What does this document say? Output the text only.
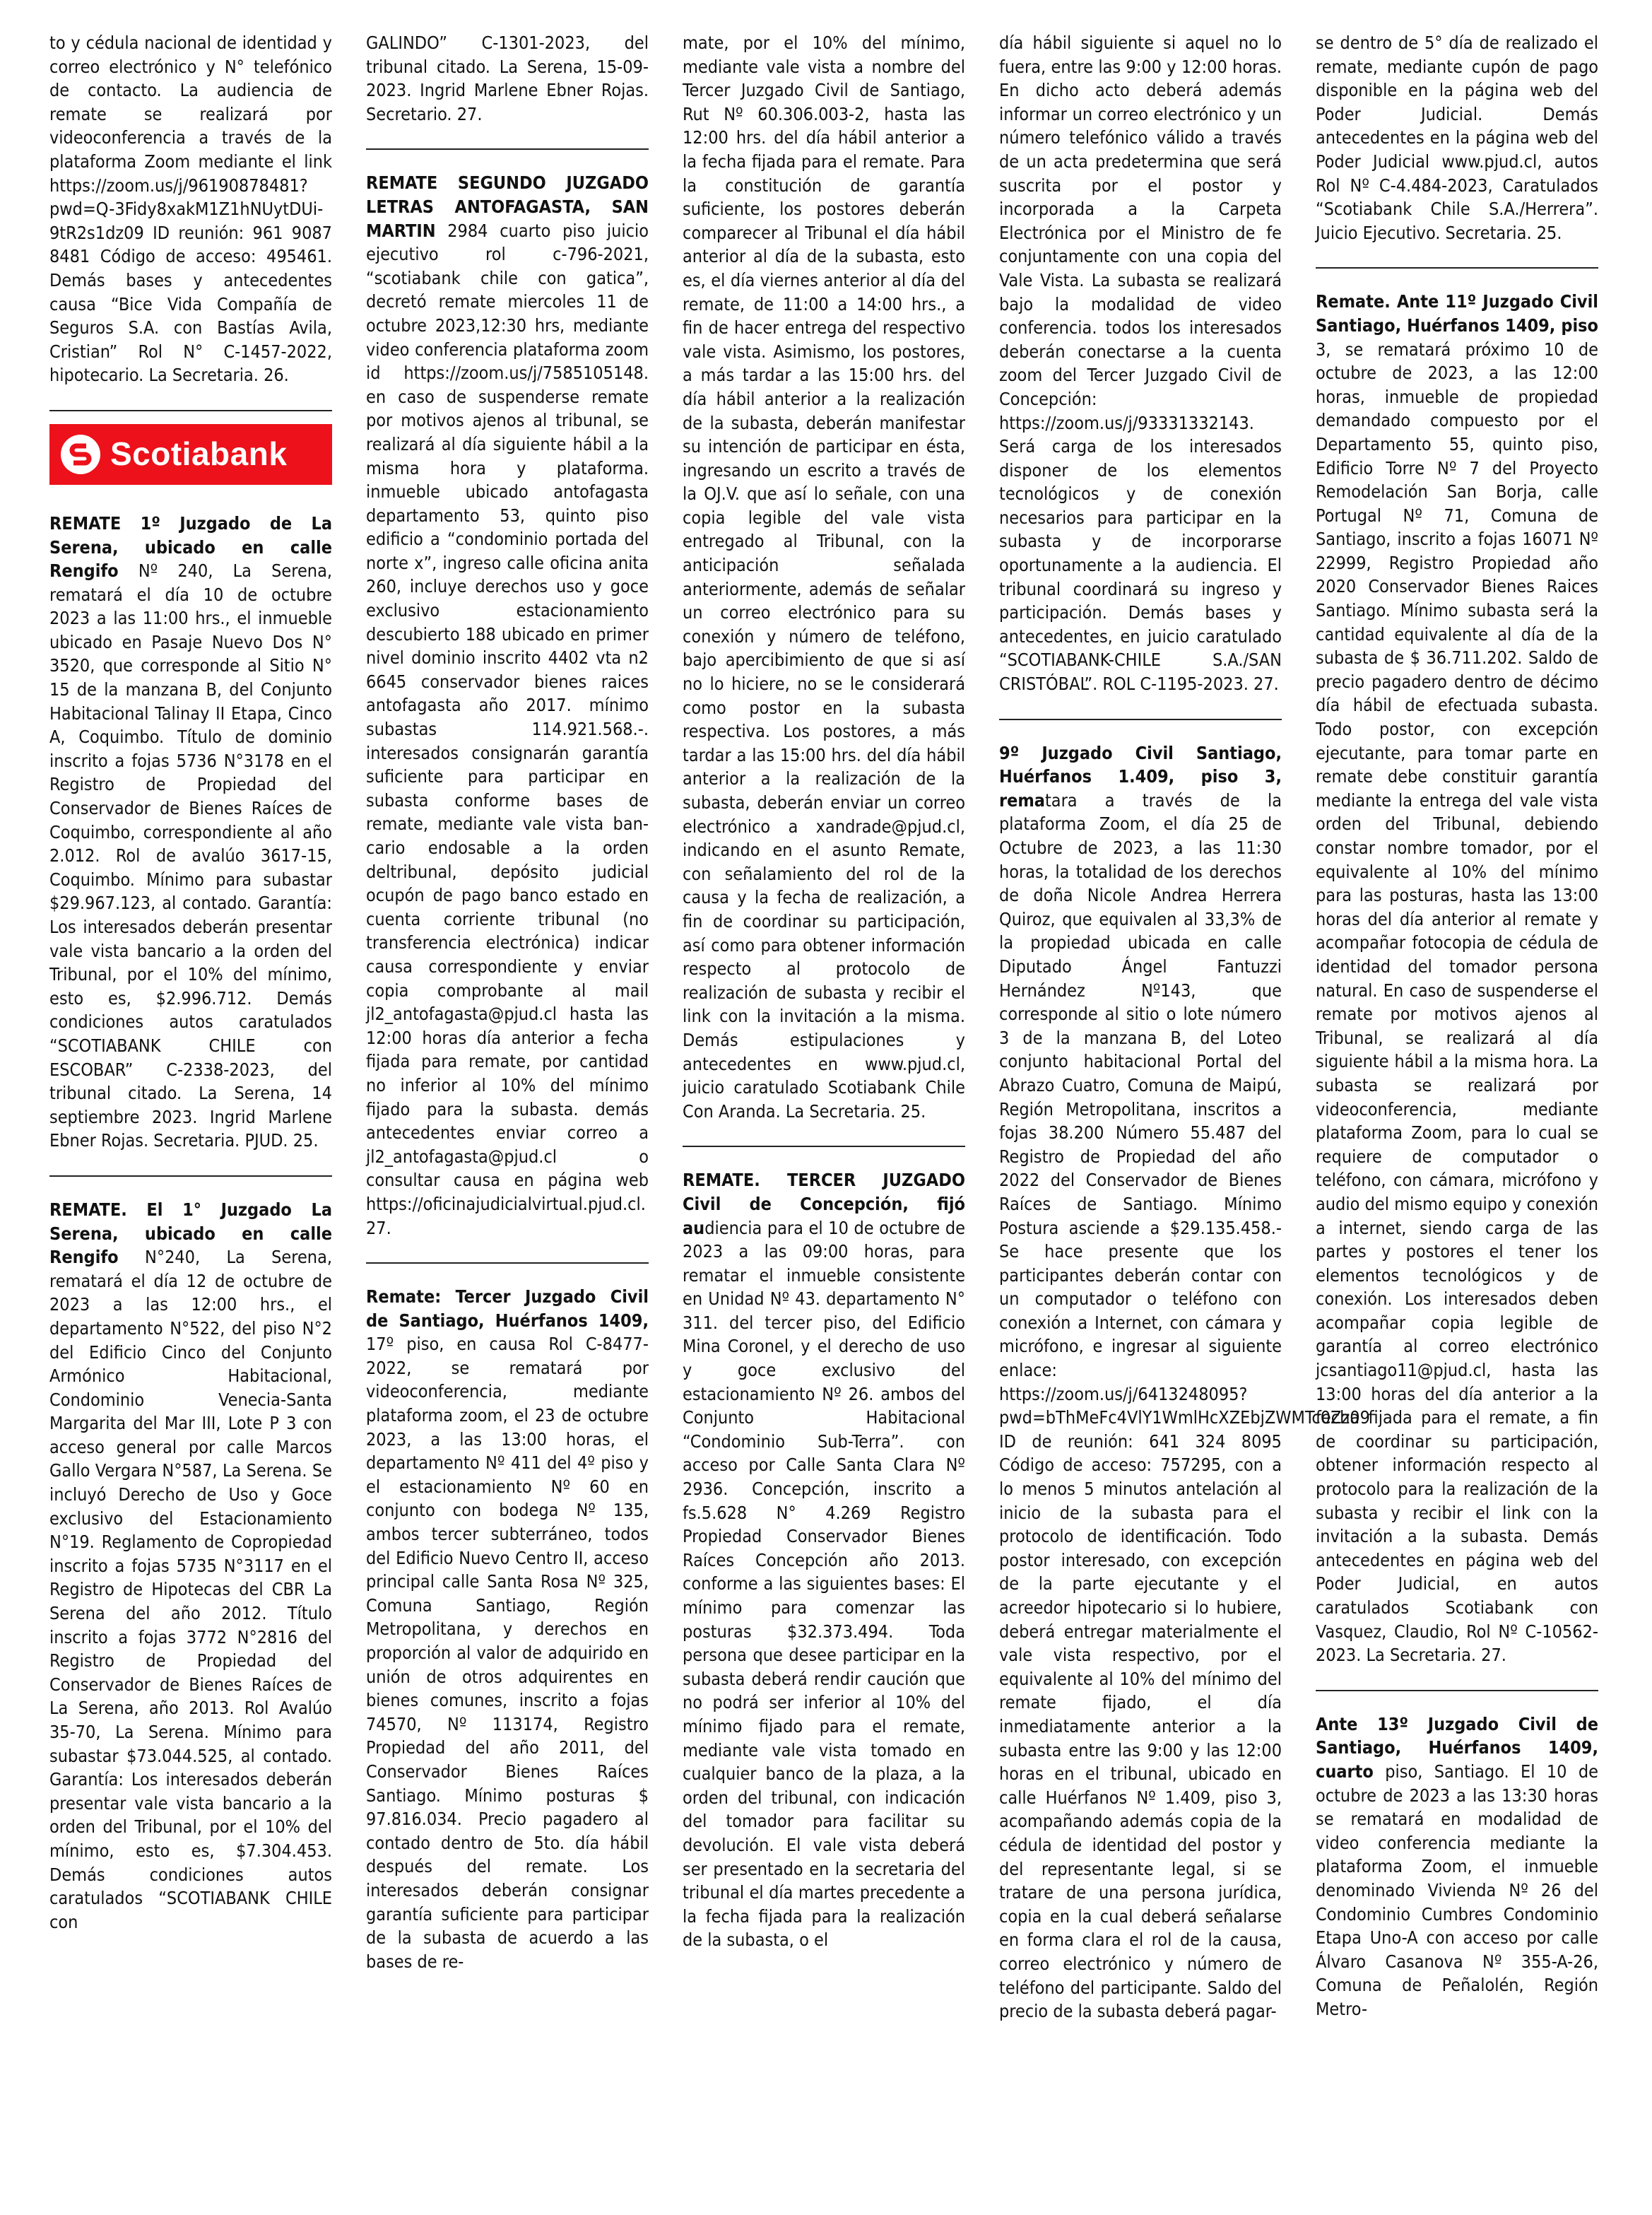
to y cédula nacional de identidad y correo electrónico y N° telefónico de contacto. La audiencia de remate se realizará por videoconferencia a través de la plataforma Zoom mediante el link https://zoom.us/j/96190878481?pwd=Q-3Fidy8xakM1Z1hNUytDUi-9tR2s1dz09 ID reunión: 961 9087 8481 Código de acceso: 495461. Demás bases y antecedentes causa “Bice Vida Compañía de Seguros S.A. con Bastías Avila, Cristian” Rol N° C-1457-2022, hipotecario. La Secretaria. 26.

Scotiabank

REMATE 1º Juzgado de La Serena, ubicado en calle Rengifo Nº 240, La Serena, rematará el día 10 de octubre 2023 a las 11:00 hrs., el inmueble ubicado en Pasaje Nuevo Dos N° 3520, que corresponde al Sitio N° 15 de la manzana B, del Conjunto Habitacional Talinay II Etapa, Cinco A, Coquimbo. Título de dominio inscrito a fojas 5736 N°3178 en el Registro de Propiedad del Conservador de Bienes Raíces de Coquimbo, correspondiente al año 2.012. Rol de avalúo 3617-15, Coquimbo. Mínimo para subastar $29.967.123, al contado. Garantía: Los interesados deberán presentar vale vista bancario a la orden del Tribunal, por el 10% del mínimo, esto es, $2.996.712. Demás condiciones autos caratulados “SCOTIABANK CHILE con ESCOBAR” C-2338-2023, del tribunal citado. La Serena, 14 septiembre 2023. Ingrid Marlene Ebner Rojas. Secretaria. PJUD. 25.

REMATE. El 1° Juzgado La Serena, ubicado en calle Rengifo N°240, La Serena, rematará el día 12 de octubre de 2023 a las 12:00 hrs., el departamento N°522, del piso N°2 del Edificio Cinco del Conjunto Armónico Habitacional, Condominio Venecia-Santa Margarita del Mar III, Lote P 3 con acceso general por calle Marcos Gallo Vergara N°587, La Serena. Se incluyó Derecho de Uso y Goce exclusivo del Estacionamiento N°19. Reglamento de Copropiedad inscrito a fojas 5735 N°3117 en el Registro de Hipotecas del CBR La Serena del año 2012. Título inscrito a fojas 3772 N°2816 del Registro de Propiedad del Conservador de Bienes Raíces de La Serena, año 2013. Rol Avalúo 35-70, La Serena. Mínimo para subastar $73.044.525, al contado. Garantía: Los interesados deberán presentar vale vista bancario a la orden del Tribunal, por el 10% del mínimo, esto es, $7.304.453. Demás condiciones autos caratulados “SCOTIABANK CHILE con

GALINDO” C-1301-2023, del tribunal citado. La Serena, 15-09-2023. Ingrid Marlene Ebner Rojas. Secretario. 27.

REMATE SEGUNDO JUZGADO LETRAS ANTOFAGASTA, SAN MARTIN 2984 cuarto piso juicio ejecutivo rol c-796-2021, “scotiabank chile con gatica”, decretó remate miercoles 11 de octubre 2023,12:30 hrs, mediante video conferencia plataforma zoom id https://zoom.us/j/7585105148. en caso de suspenderse remate por motivos ajenos al tribunal, se realizará al día siguiente hábil a la misma hora y plataforma. inmueble ubicado antofagasta departamento 53, quinto piso edificio a “condominio portada del norte x”, ingreso calle oficina anita 260, incluye derechos uso y goce exclusivo estacionamiento descubierto 188 ubicado en primer nivel dominio inscrito 4402 vta n2 6645 conservador bienes raices antofagasta año 2017. mínimo subastas 114.921.568.-. interesados consignarán garantía suficiente para participar en subasta conforme bases de remate, mediante vale vista ban-cario endosable a la orden deltribunal, depósito judicial ocupón de pago banco estado en cuenta corriente tribunal (no transferencia electrónica) indicar causa correspondiente y enviar copia comprobante al mail jl2_antofagasta@pjud.cl hasta las 12:00 horas día anterior a fecha fijada para remate, por cantidad no inferior al 10% del mínimo fijado para la subasta. demás antecedentes enviar correo a jl2_antofagasta@pjud.cl o consultar causa en página web https://oficinajudicialvirtual.pjud.cl. 27.

Remate: Tercer Juzgado Civil de Santiago, Huérfanos 1409, 17º piso, en causa Rol C-8477-2022, se rematará por videoconferencia, mediante plataforma zoom, el 23 de octubre 2023, a las 13:00 horas, el departamento Nº 411 del 4º piso y el estacionamiento Nº 60 en conjunto con bodega Nº 135, ambos tercer subterráneo, todos del Edificio Nuevo Centro II, acceso principal calle Santa Rosa Nº 325, Comuna Santiago, Región Metropolitana, y derechos en proporción al valor de adquirido en unión de otros adquirentes en bienes comunes, inscrito a fojas 74570, Nº 113174, Registro Propiedad del año 2011, del Conservador Bienes Raíces Santiago. Mínimo posturas $ 97.816.034. Precio pagadero al contado dentro de 5to. día hábil después del remate. Los interesados deberán consignar garantía suficiente para participar de la subasta de acuerdo a las bases de re-

mate, por el 10% del mínimo, mediante vale vista a nombre del Tercer Juzgado Civil de Santiago, Rut Nº 60.306.003-2, hasta las 12:00 hrs. del día hábil anterior a la fecha fijada para el remate. Para la constitución de garantía suficiente, los postores deberán comparecer al Tribunal el día hábil anterior al día de la subasta, esto es, el día viernes anterior al día del remate, de 11:00 a 14:00 hrs., a fin de hacer entrega del respectivo vale vista. Asimismo, los postores, a más tardar a las 15:00 hrs. del día hábil anterior a la realización de la subasta, deberán manifestar su intención de participar en ésta, ingresando un escrito a través de la OJ.V. que así lo señale, con una copia legible del vale vista entregado al Tribunal, con la anticipación señalada anteriormente, además de señalar un correo electrónico para su conexión y número de teléfono, bajo apercibimiento de que si así no lo hiciere, no se le considerará como postor en la subasta respectiva. Los postores, a más tardar a las 15:00 hrs. del día hábil anterior a la realización de la subasta, deberán enviar un correo electrónico a xandrade@pjud.cl, indicando en el asunto Remate, con señalamiento del rol de la causa y la fecha de realización, a fin de coordinar su participación, así como para obtener información respecto al protocolo de realización de subasta y recibir el link con la invitación a la misma. Demás estipulaciones y antecedentes en www.pjud.cl, juicio caratulado Scotiabank Chile Con Aranda. La Secretaria. 25.

REMATE. TERCER JUZGADO Civil de Concepción, fijó audiencia para el 10 de octubre de 2023 a las 09:00 horas, para rematar el inmueble consistente en Unidad Nº 43. departamento N° 311. del tercer piso, del Edificio Mina Coronel, y el derecho de uso y goce exclusivo del estacionamiento Nº 26. ambos del Conjunto Habitacional “Condominio Sub-Terra”. con acceso por Calle Santa Clara Nº 2936. Concepción, inscrito a fs.5.628 N° 4.269 Registro Propiedad Conservador Bienes Raíces Concepción año 2013. conforme a las siguientes bases: El mínimo para comenzar las posturas $32.373.494. Toda persona que desee participar en la subasta deberá rendir caución que no podrá ser inferior al 10% del mínimo fijado para el remate, mediante vale vista tomado en cualquier banco de la plaza, a la orden del tribunal, con indicación del tomador para facilitar su devolución. El vale vista deberá ser presentado en la secretaria del tribunal el día martes precedente a la fecha fijada para la realización de la subasta, o el

día hábil siguiente si aquel no lo fuera, entre las 9:00 y 12:00 horas. En dicho acto deberá además informar un correo electrónico y un número telefónico válido a través de un acta predetermina que será suscrita por el postor y incorporada a la Carpeta Electrónica por el Ministro de fe conjuntamente con una copia del Vale Vista. La subasta se realizará bajo la modalidad de video conferencia. todos los interesados deberán conectarse a la cuenta zoom del Tercer Juzgado Civil de Concepción: https://zoom.us/j/93331332143. Será carga de los interesados disponer de los elementos tecnológicos y de conexión necesarios para participar en la subasta y de incorporarse oportunamente a la audiencia. El tribunal coordinará su ingreso y participación. Demás bases y antecedentes, en juicio caratulado “SCOTIABANK-CHILE S.A./SAN CRISTÓBAL”. ROL C-1195-2023. 27.

9º Juzgado Civil Santiago, Huérfanos 1.409, piso 3, rematara a través de la plataforma Zoom, el día 25 de Octubre de 2023, a las 11:30 horas, la totalidad de los derechos de doña Nicole Andrea Herrera Quiroz, que equivalen al 33,3% de la propiedad ubicada en calle Diputado Ángel Fantuzzi Hernández Nº143, que corresponde al sitio o lote número 3 de la manzana B, del Loteo conjunto habitacional Portal del Abrazo Cuatro, Comuna de Maipú, Región Metropolitana, inscritos a fojas 38.200 Número 55.487 del Registro de Propiedad del año 2022 del Conservador de Bienes Raíces de Santiago. Mínimo Postura asciende a $29.135.458.- Se hace presente que los participantes deberán contar con un computador o teléfono con conexión a Internet, con cámara y micrófono, e ingresar al siguiente enlace: https://zoom.us/j/6413248095?pwd=bThMeFc4VlY1WmlHcXZEbjZWMTc0Zz09 ID de reunión: 641 324 8095 Código de acceso: 757295, con a lo menos 5 minutos antelación al inicio de la subasta para el protocolo de identificación. Todo postor interesado, con excepción de la parte ejecutante y el acreedor hipotecario si lo hubiere, deberá entregar materialmente el vale vista respectivo, por el equivalente al 10% del mínimo del remate fijado, el día inmediatamente anterior a la subasta entre las 9:00 y las 12:00 horas en el tribunal, ubicado en calle Huérfanos Nº 1.409, piso 3, acompañando además copia de la cédula de identidad del postor y del representante legal, si se tratare de una persona jurídica, copia en la cual deberá señalarse en forma clara el rol de la causa, correo electrónico y número de teléfono del participante. Saldo del precio de la subasta deberá pagar-

se dentro de 5° día de realizado el remate, mediante cupón de pago disponible en la página web del Poder Judicial. Demás antecedentes en la página web del Poder Judicial www.pjud.cl, autos Rol Nº C-4.484-2023, Caratulados “Scotiabank Chile S.A./Herrera”. Juicio Ejecutivo. Secretaria. 25.

Remate. Ante 11º Juzgado Civil Santiago, Huérfanos 1409, piso 3, se rematará próximo 10 de octubre de 2023, a las 12:00 horas, inmueble de propiedad demandado compuesto por el Departamento 55, quinto piso, Edificio Torre Nº 7 del Proyecto Remodelación San Borja, calle Portugal Nº 71, Comuna de Santiago, inscrito a fojas 16071 Nº 22999, Registro Propiedad año 2020 Conservador Bienes Raices Santiago. Mínimo subasta será la cantidad equivalente al día de la subasta de $ 36.711.202. Saldo de precio pagadero dentro de décimo día hábil de efectuada subasta. Todo postor, con excepción ejecutante, para tomar parte en remate debe constituir garantía mediante la entrega del vale vista orden del Tribunal, debiendo constar nombre tomador, por el equivalente al 10% del mínimo para las posturas, hasta las 13:00 horas del día anterior al remate y acompañar fotocopia de cédula de identidad del tomador persona natural. En caso de suspenderse el remate por motivos ajenos al Tribunal, se realizará al día siguiente hábil a la misma hora. La subasta se realizará por videoconferencia, mediante plataforma Zoom, para lo cual se requiere de computador o teléfono, con cámara, micrófono y audio del mismo equipo y conexión a internet, siendo carga de las partes y postores el tener los elementos tecnológicos y de conexión. Los interesados deben acompañar copia legible de garantía al correo electrónico jcsantiago11@pjud.cl, hasta las 13:00 horas del día anterior a la fecha fijada para el remate, a fin de coordinar su participación, obtener información respecto al protocolo para la realización de la subasta y recibir el link con la invitación a la subasta. Demás antecedentes en página web del Poder Judicial, en autos caratulados Scotiabank con Vasquez, Claudio, Rol Nº C-10562-2023. La Secretaria. 27.

Ante 13º Juzgado Civil de Santiago, Huérfanos 1409, cuarto piso, Santiago. El 10 de octubre de 2023 a las 13:30 horas se rematará en modalidad de video conferencia mediante la plataforma Zoom, el inmueble denominado Vivienda Nº 26 del Condominio Cumbres Condominio Etapa Uno-A con acceso por calle Álvaro Casanova Nº 355-A-26, Comuna de Peñalolén, Región Metro-
